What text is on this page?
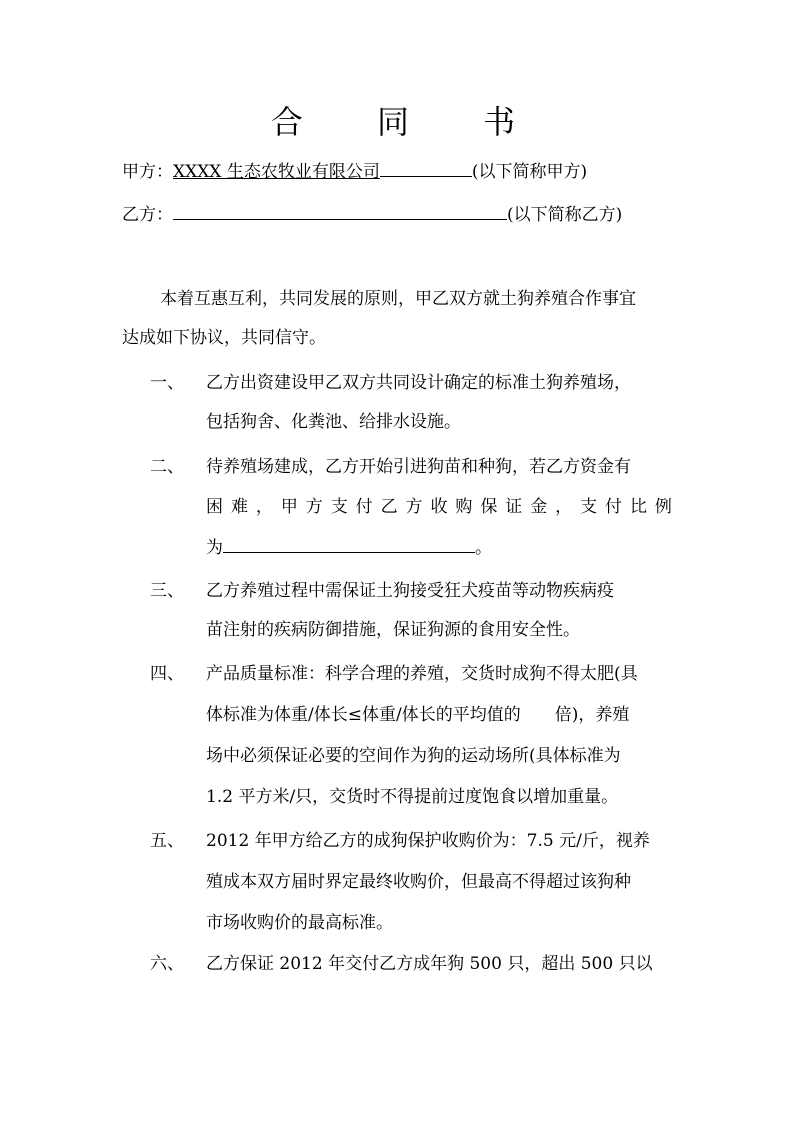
合 同 书
甲方：XXXX 生态农牧业有限公司	(以下简称甲方)
乙方：	(以下简称乙方)
本着互惠互利，共同发展的原则，甲乙双方就土狗养殖合作事宜
达成如下协议，共同信守。
一、 乙方出资建设甲乙双方共同设计确定的标准土狗养殖场，
包括狗舍、化粪池、给排水设施。
二、 待养殖场建成，乙方开始引进狗苗和种狗，若乙方资金有
困 难 ， 甲 方 支 付 乙 方 收 购 保 证 金 ， 支 付 比 例
为	。
三、 乙方养殖过程中需保证土狗接受狂犬疫苗等动物疾病疫
苗注射的疾病防御措施，保证狗源的食用安全性。
四、 产品质量标准：科学合理的养殖，交货时成狗不得太肥(具
体标准为体重/体长≤体重/体长的平均值的　　倍)，养殖
场中必须保证必要的空间作为狗的运动场所(具体标准为
1.2 平方米/只，交货时不得提前过度饱食以增加重量。
五、 2012 年甲方给乙方的成狗保护收购价为：7.5 元/斤，视养
殖成本双方届时界定最终收购价，但最高不得超过该狗种
市场收购价的最高标准。
六、 乙方保证 2012 年交付乙方成年狗 500 只，超出 500 只以
